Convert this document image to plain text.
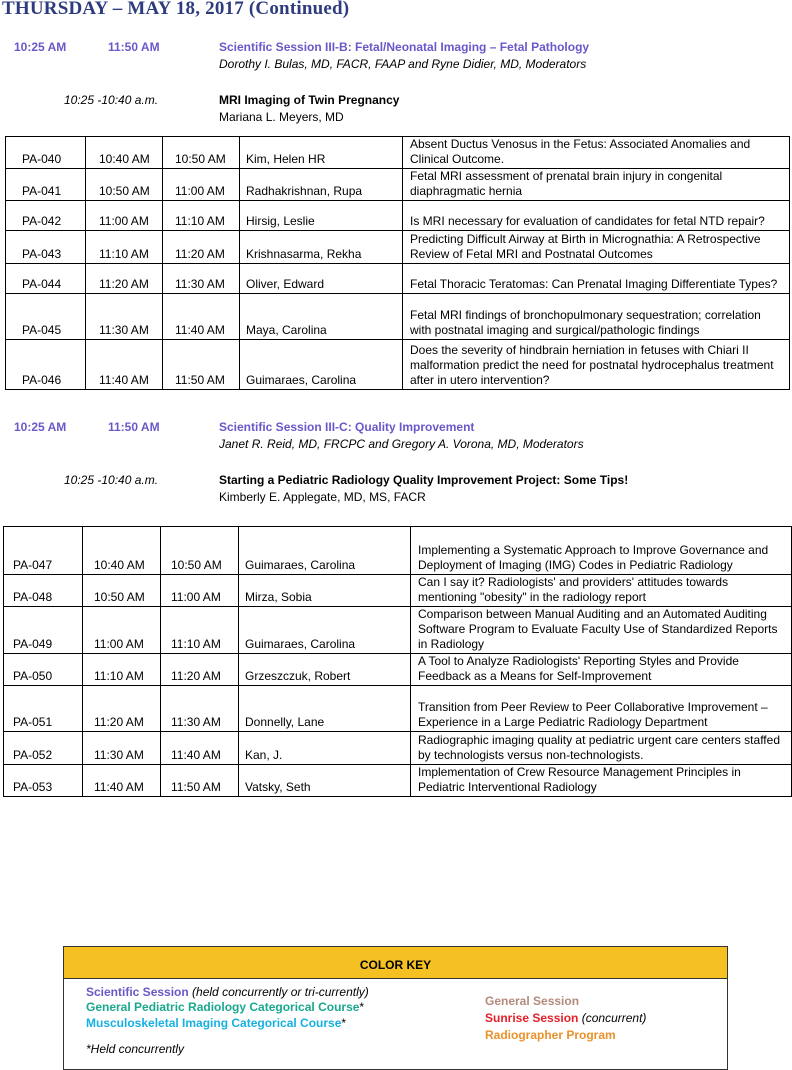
THURSDAY – MAY 18, 2017 (Continued)
10:25 AM	11:50 AM	Scientific Session III-B: Fetal/Neonatal Imaging – Fetal Pathology
Dorothy I. Bulas, MD, FACR, FAAP and Ryne Didier, MD, Moderators
10:25 -10:40 a.m.	MRI Imaging of Twin Pregnancy
Mariana L. Meyers, MD
PA-040	10:40 AM	10:50 AM	Kim, Helen HR	Absent Ductus Venosus in the Fetus: Associated Anomalies and Clinical Outcome.
PA-041	10:50 AM	11:00 AM	Radhakrishnan, Rupa	Fetal MRI assessment of prenatal brain injury in congenital diaphragmatic hernia
PA-042	11:00 AM	11:10 AM	Hirsig, Leslie	Is MRI necessary for evaluation of candidates for fetal NTD repair?
PA-043	11:10 AM	11:20 AM	Krishnasarma, Rekha	Predicting Difficult Airway at Birth in Micrognathia: A Retrospective Review of Fetal MRI and Postnatal Outcomes
PA-044	11:20 AM	11:30 AM	Oliver, Edward	Fetal Thoracic Teratomas: Can Prenatal Imaging Differentiate Types?
PA-045	11:30 AM	11:40 AM	Maya, Carolina	Fetal MRI findings of bronchopulmonary sequestration; correlation with postnatal imaging and surgical/pathologic findings
PA-046	11:40 AM	11:50 AM	Guimaraes, Carolina	Does the severity of hindbrain herniation in fetuses with Chiari II malformation predict the need for postnatal hydrocephalus treatment after in utero intervention?
10:25 AM	11:50 AM	Scientific Session III-C: Quality Improvement
Janet R. Reid, MD, FRCPC and Gregory A. Vorona, MD, Moderators
10:25 -10:40 a.m.	Starting a Pediatric Radiology Quality Improvement Project: Some Tips!
Kimberly E. Applegate, MD, MS, FACR
PA-047	10:40 AM	10:50 AM	Guimaraes, Carolina	Implementing a Systematic Approach to Improve Governance and Deployment of Imaging (IMG) Codes in Pediatric Radiology
PA-048	10:50 AM	11:00 AM	Mirza, Sobia	Can I say it? Radiologists' and providers' attitudes towards mentioning "obesity" in the radiology report
PA-049	11:00 AM	11:10 AM	Guimaraes, Carolina	Comparison between Manual Auditing and an Automated Auditing Software Program to Evaluate Faculty Use of Standardized Reports in Radiology
PA-050	11:10 AM	11:20 AM	Grzeszczuk, Robert	A Tool to Analyze Radiologists' Reporting Styles and Provide Feedback as a Means for Self-Improvement
PA-051	11:20 AM	11:30 AM	Donnelly, Lane	Transition from Peer Review to Peer Collaborative Improvement – Experience in a Large Pediatric Radiology Department
PA-052	11:30 AM	11:40 AM	Kan, J.	Radiographic imaging quality at pediatric urgent care centers staffed by technologists versus non-technologists.
PA-053	11:40 AM	11:50 AM	Vatsky, Seth	Implementation of Crew Resource Management Principles in Pediatric Interventional Radiology
COLOR KEY
Scientific Session (held concurrently or tri-currently)
General Pediatric Radiology Categorical Course*
Musculoskeletal Imaging Categorical Course*
*Held concurrently
General Session
Sunrise Session (concurrent)
Radiographer Program
